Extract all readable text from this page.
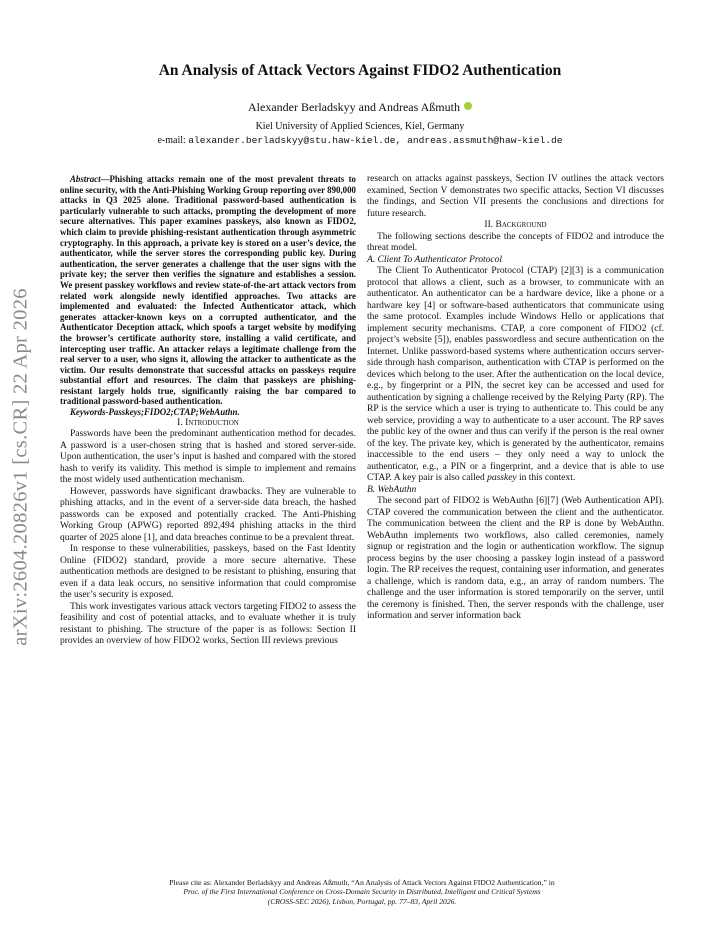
An Analysis of Attack Vectors Against FIDO2 Authentication
Alexander Berladskyy and Andreas Aßmuth
Kiel University of Applied Sciences, Kiel, Germany
e-mail: alexander.berladskyy@stu.haw-kiel.de, andreas.assmuth@haw-kiel.de
arXiv:2604.20826v1 [cs.CR] 22 Apr 2026

Abstract—Phishing attacks remain one of the most prevalent threats to online security, with the Anti-Phishing Working Group reporting over 890,000 attacks in Q3 2025 alone. Traditional password-based authentication is particularly vulnerable to such attacks, prompting the development of more secure alternatives. This paper examines passkeys, also known as FIDO2, which claim to provide phishing-resistant authentication through asymmetric cryptography. In this approach, a private key is stored on a user’s device, the authenticator, while the server stores the corresponding public key. During authentication, the server generates a challenge that the user signs with the private key; the server then verifies the signature and establishes a session. We present passkey workflows and review state-of-the-art attack vectors from related work alongside newly identified approaches. Two attacks are implemented and evaluated: the Infected Authenticator attack, which generates attacker-known keys on a corrupted authenticator, and the Authenticator Deception attack, which spoofs a target website by modifying the browser’s certificate authority store, installing a valid certificate, and intercepting user traffic. An attacker relays a legitimate challenge from the real server to a user, who signs it, allowing the attacker to authenticate as the victim. Our results demonstrate that successful attacks on passkeys require substantial effort and resources. The claim that passkeys are phishing-resistant largely holds true, significantly raising the bar compared to traditional password-based authentication.

Keywords-Passkeys;FIDO2;CTAP;WebAuthn.

I. Introduction

Passwords have been the predominant authentication method for decades. A password is a user-chosen string that is hashed and stored server-side. Upon authentication, the user’s input is hashed and compared with the stored hash to verify its validity. This method is simple to implement and remains the most widely used authentication mechanism.

However, passwords have significant drawbacks. They are vulnerable to phishing attacks, and in the event of a server-side data breach, the hashed passwords can be exposed and potentially cracked. The Anti-Phishing Working Group (APWG) reported 892,494 phishing attacks in the third quarter of 2025 alone [1], and data breaches continue to be a prevalent threat.

In response to these vulnerabilities, passkeys, based on the Fast Identity Online (FIDO2) standard, provide a more secure alternative. These authentication methods are designed to be resistant to phishing, ensuring that even if a data leak occurs, no sensitive information that could compromise the user’s security is exposed.

This work investigates various attack vectors targeting FIDO2 to assess the feasibility and cost of potential attacks, and to evaluate whether it is truly resistant to phishing. The structure of the paper is as follows: Section II provides an overview of how FIDO2 works, Section III reviews previous

research on attacks against passkeys, Section IV outlines the attack vectors examined, Section V demonstrates two specific attacks, Section VI discusses the findings, and Section VII presents the conclusions and directions for future research.

II. Background

The following sections describe the concepts of FIDO2 and introduce the threat model.

A. Client To Authenticator Protocol

The Client To Authenticator Protocol (CTAP) [2][3] is a communication protocol that allows a client, such as a browser, to communicate with an authenticator. An authenticator can be a hardware device, like a phone or a hardware key [4] or software-based authenticators that communicate using the same protocol. Examples include Windows Hello or applications that implement security mechanisms. CTAP, a core component of FIDO2 (cf. project’s website [5]), enables passwordless and secure authentication on the Internet. Unlike password-based systems where authentication occurs server-side through hash comparison, authentication with CTAP is performed on the devices which belong to the user. After the authentication on the local device, e.g., by fingerprint or a PIN, the secret key can be accessed and used for authentication by signing a challenge received by the Relying Party (RP). The RP is the service which a user is trying to authenticate to. This could be any web service, providing a way to authenticate to a user account. The RP saves the public key of the owner and thus can verify if the person is the real owner of the key. The private key, which is generated by the authenticator, remains inaccessible to the end users – they only need a way to unlock the authenticator, e.g., a PIN or a fingerprint, and a device that is able to use CTAP. A key pair is also called passkey in this context.

B. WebAuthn

The second part of FIDO2 is WebAuthn [6][7] (Web Authentication API). CTAP covered the communication between the client and the authenticator. The communication between the client and the RP is done by WebAuthn. WebAuthn implements two workflows, also called ceremonies, namely signup or registration and the login or authentication workflow. The signup process begins by the user choosing a passkey login instead of a password login. The RP receives the request, containing user information, and generates a challenge, which is random data, e.g., an array of random numbers. The challenge and the user information is stored temporarily on the server, until the ceremony is finished. Then, the server responds with the challenge, user information and server information back

Please cite as: Alexander Berladskyy and Andreas Aßmuth, “An Analysis of Attack Vectors Against FIDO2 Authentication,” in
Proc. of the First International Conference on Cross-Domain Security in Distributed, Intelligent and Critical Systems
(CROSS-SEC 2026), Lisbon, Portugal, pp. 77–83, April 2026.
